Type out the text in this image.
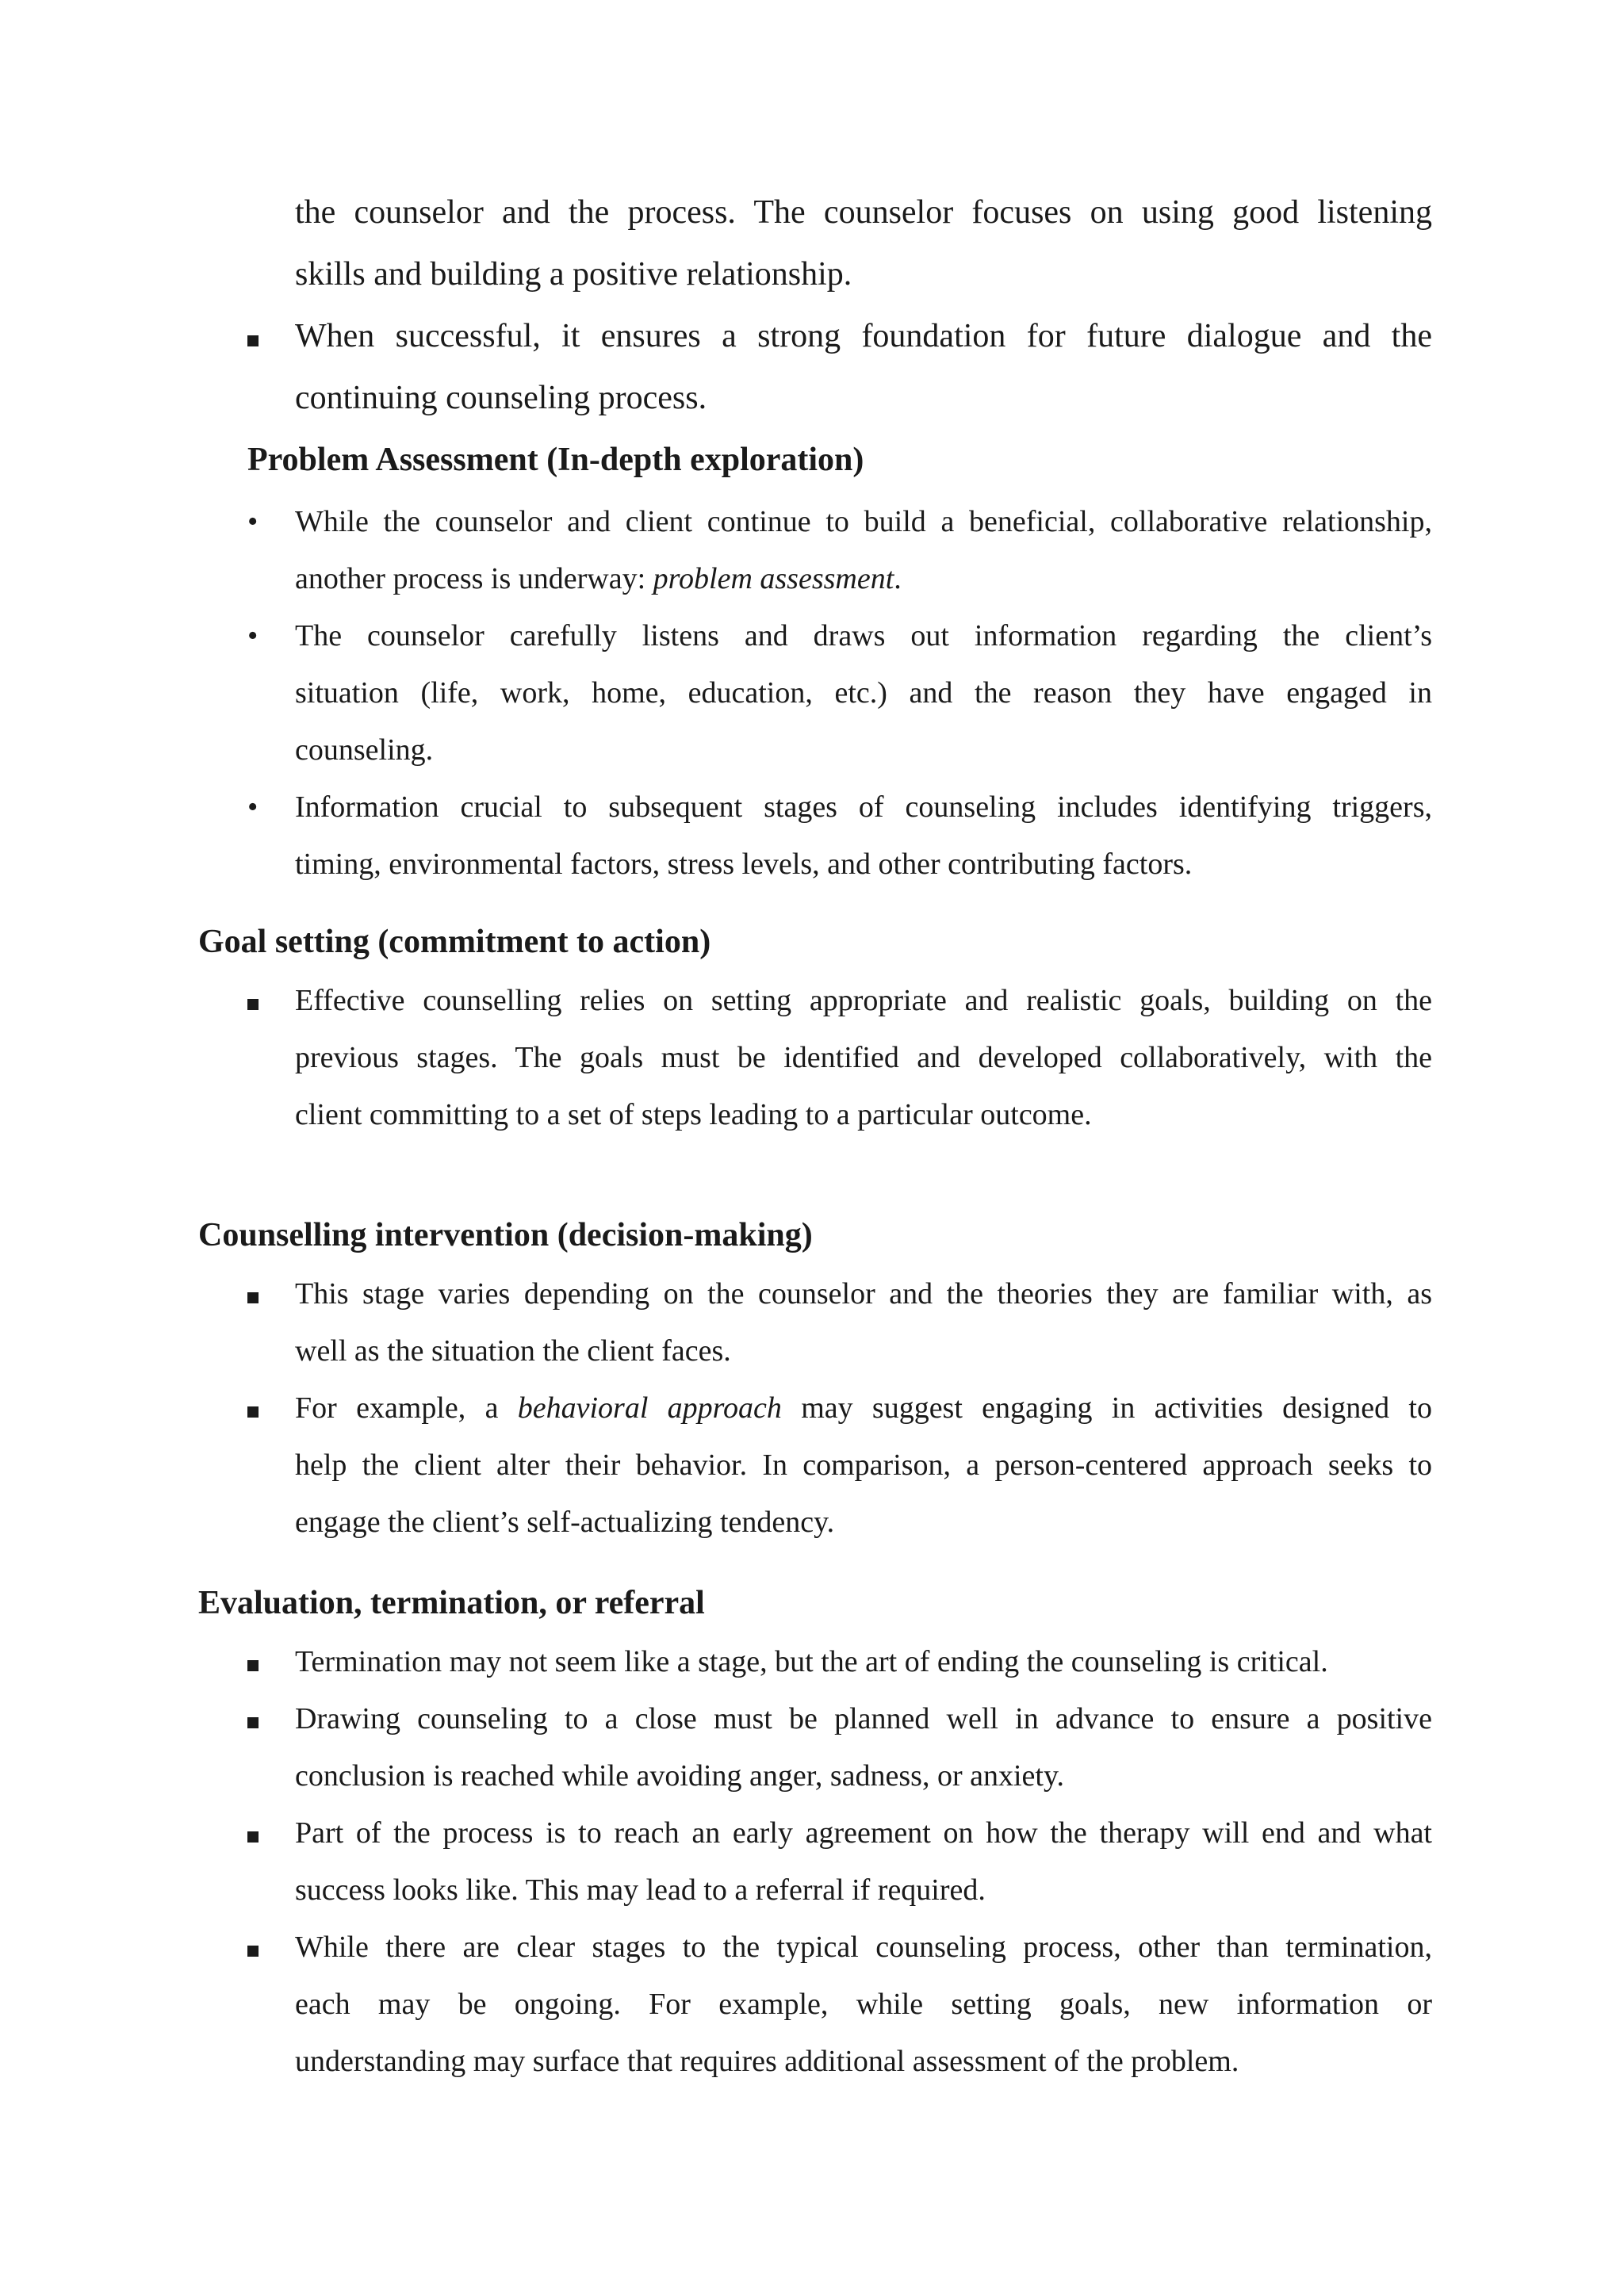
the counselor and the process. The counselor focuses on using good listening
skills and building a positive relationship.
When successful, it ensures a strong foundation for future dialogue and the
continuing counseling process.
Problem Assessment (In-depth exploration)
• While the counselor and client continue to build a beneficial, collaborative relationship,
another process is underway: problem assessment.
• The counselor carefully listens and draws out information regarding the client’s
situation (life, work, home, education, etc.) and the reason they have engaged in
counseling.
• Information crucial to subsequent stages of counseling includes identifying triggers,
timing, environmental factors, stress levels, and other contributing factors.
Goal setting (commitment to action)
Effective counselling relies on setting appropriate and realistic goals, building on the
previous stages. The goals must be identified and developed collaboratively, with the
client committing to a set of steps leading to a particular outcome.
Counselling intervention (decision-making)
This stage varies depending on the counselor and the theories they are familiar with, as
well as the situation the client faces.
For example, a behavioral approach may suggest engaging in activities designed to
help the client alter their behavior. In comparison, a person-centered approach seeks to
engage the client’s self-actualizing tendency.
Evaluation, termination, or referral
Termination may not seem like a stage, but the art of ending the counseling is critical.
Drawing counseling to a close must be planned well in advance to ensure a positive
conclusion is reached while avoiding anger, sadness, or anxiety.
Part of the process is to reach an early agreement on how the therapy will end and what
success looks like. This may lead to a referral if required.
While there are clear stages to the typical counseling process, other than termination,
each may be ongoing. For example, while setting goals, new information or
understanding may surface that requires additional assessment of the problem.
